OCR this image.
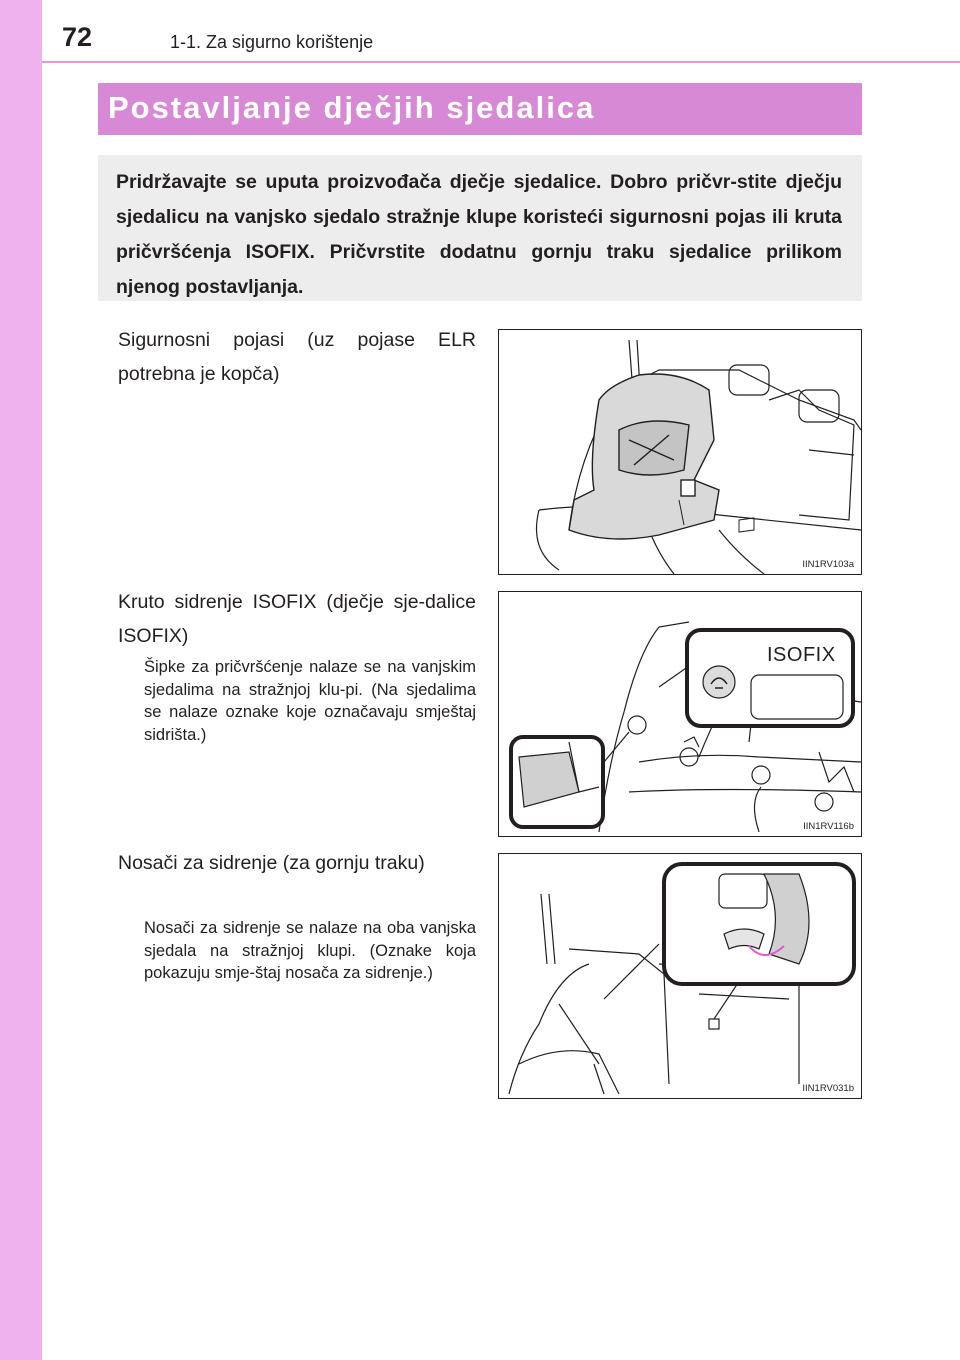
72	1-1. Za sigurno korištenje
Postavljanje dječjih sjedalica
Pridržavajte se uputa proizvođača dječje sjedalice. Dobro pričvr-stite dječju sjedalicu na vanjsko sjedalo stražnje klupe koristeći sigurnosni pojas ili kruta pričvršćenja ISOFIX. Pričvrstite dodatnu gornju traku sjedalice prilikom njenog postavljanja.
Sigurnosni pojasi (uz pojase ELR potrebna je kopča)
IIN1RV103a
Kruto sidrenje ISOFIX (dječje sje-dalice ISOFIX)
Šipke za pričvršćenje nalaze se na vanjskim sjedalima na stražnjoj klu-pi. (Na sjedalima se nalaze oznake koje označavaju smještaj sidrišta.)
ISOFIX
IIN1RV116b
Nosači za sidrenje (za gornju traku)
Nosači za sidrenje se nalaze na oba vanjska sjedala na stražnjoj klupi. (Oznake koja pokazuju smje-štaj nosača za sidrenje.)
IIN1RV031b
